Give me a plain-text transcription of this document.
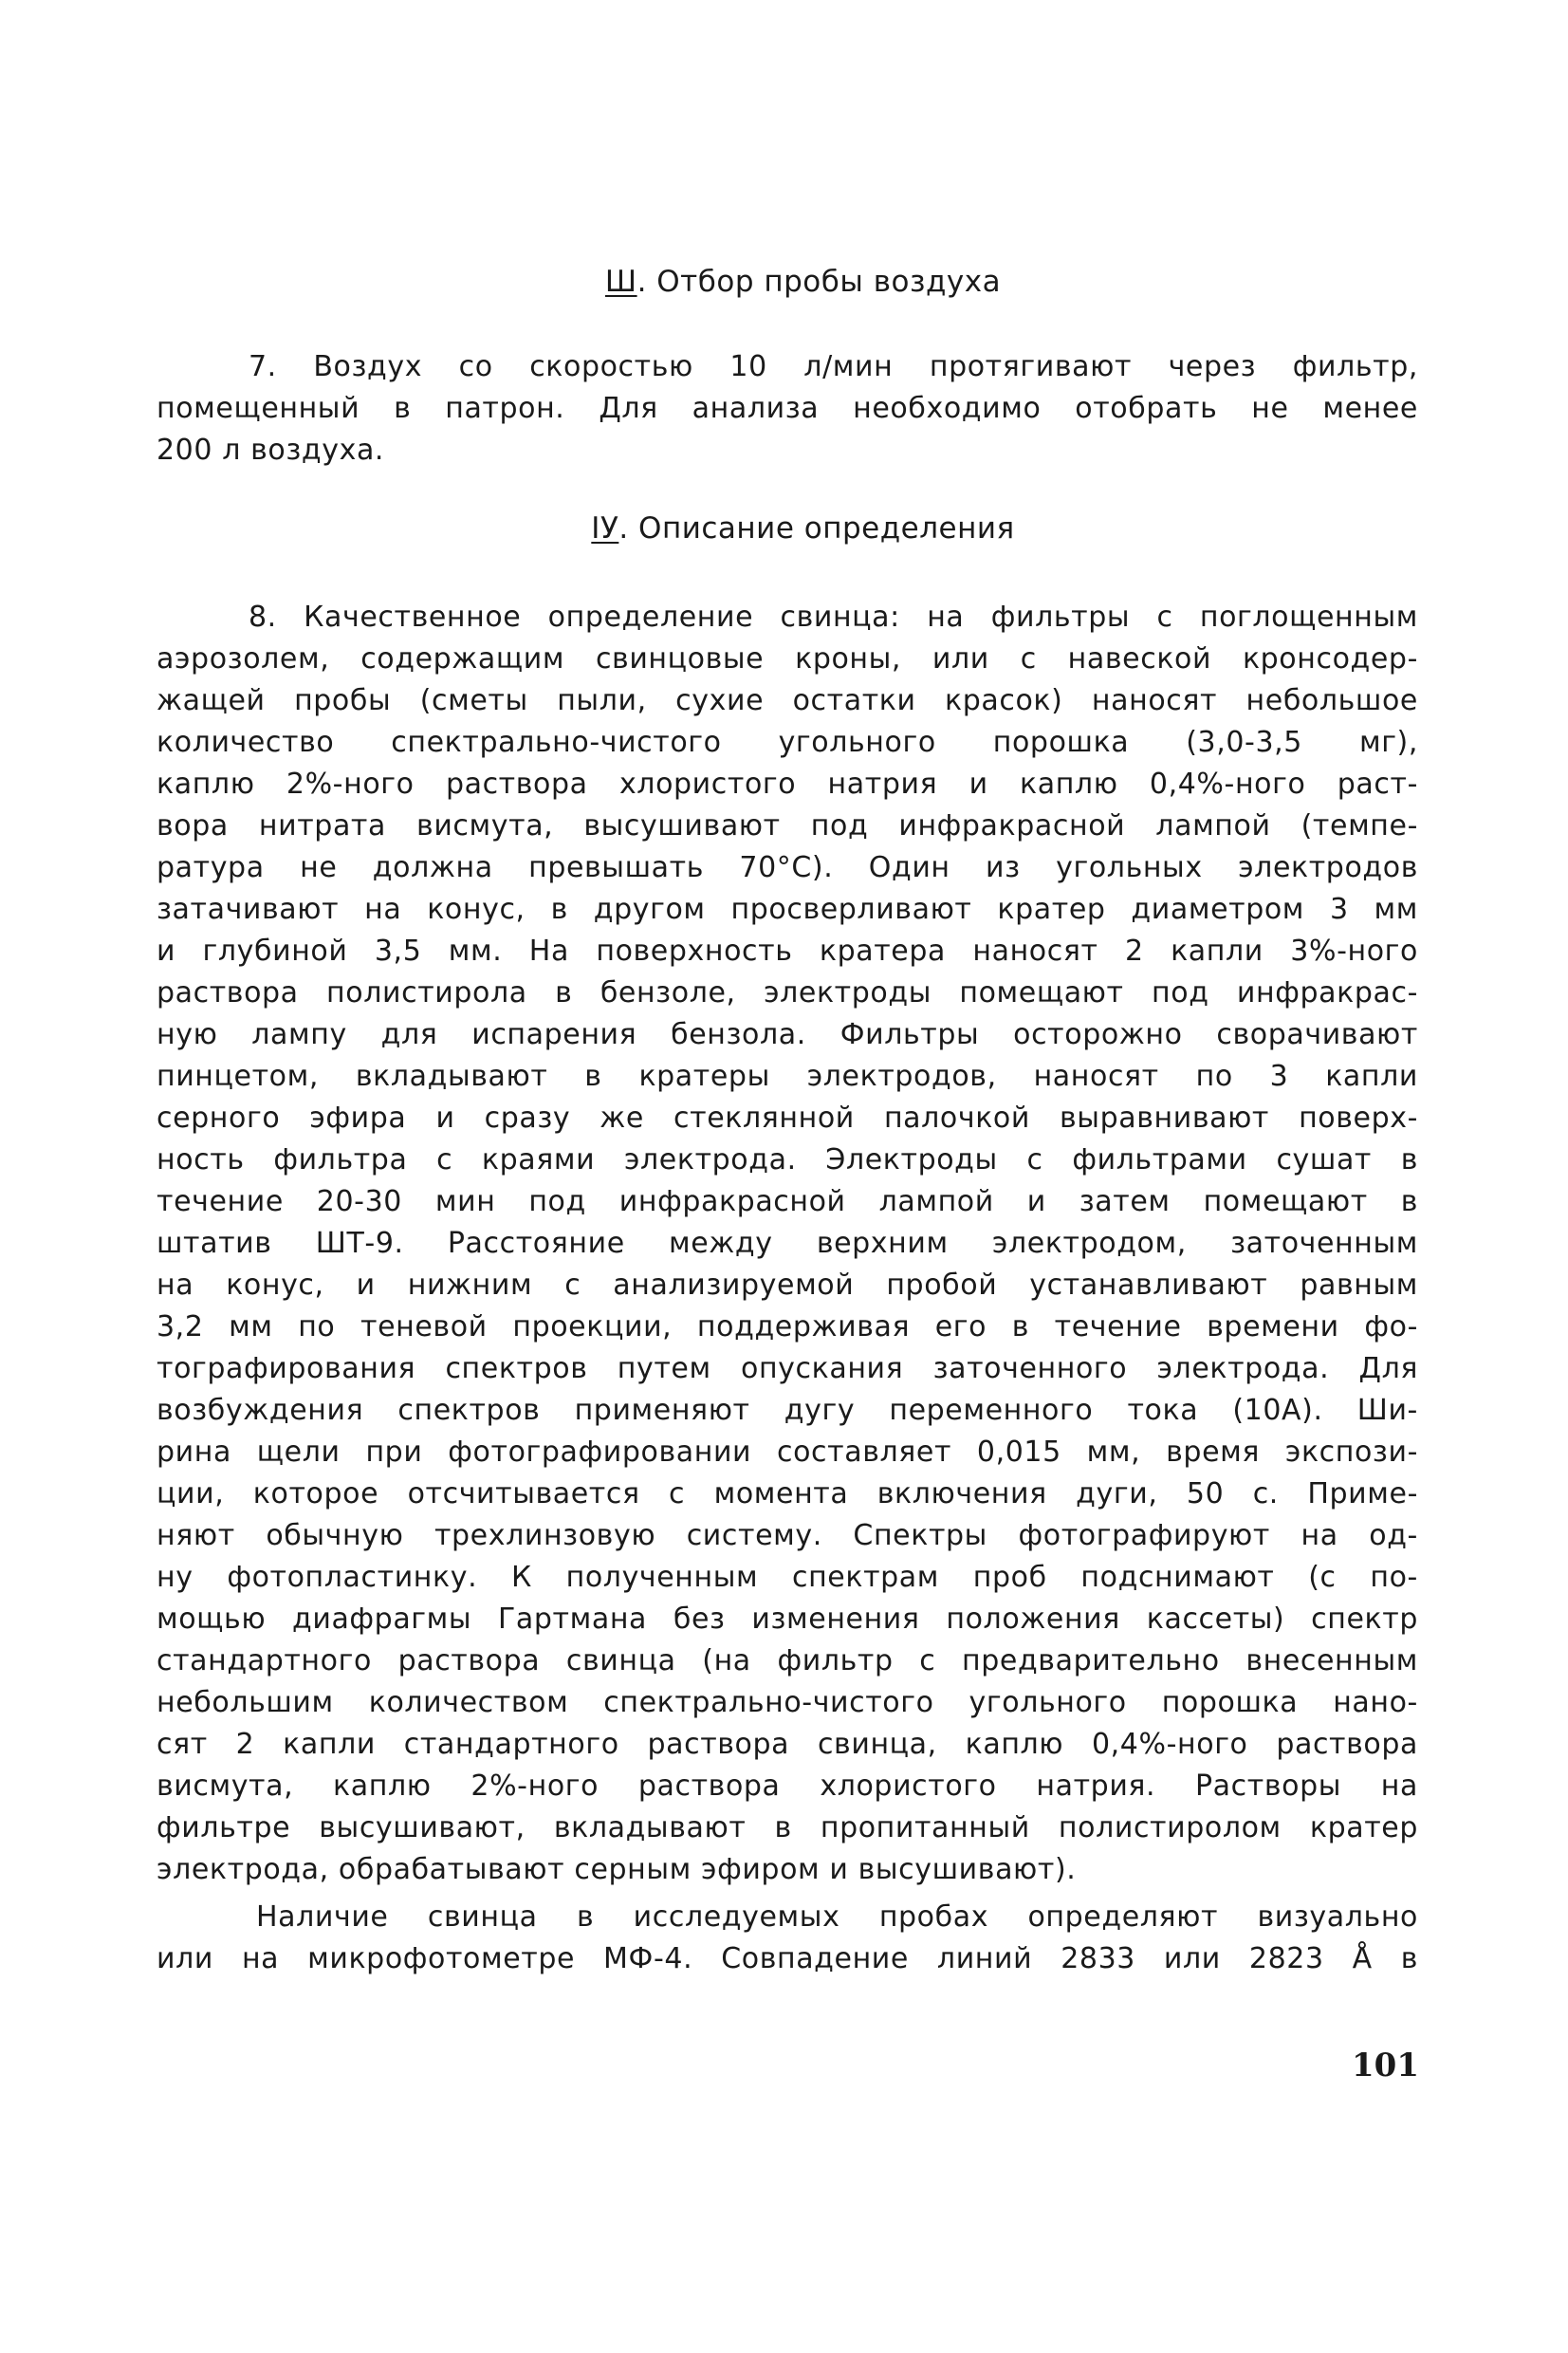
Ш. Отбор пробы воздуха
7. Воздух со скоростью 10 л/мин протягивают через фильтр,
помещенный в патрон. Для анализа необходимо отобрать не менее
200 л воздуха.
IУ. Описание определения
8. Качественное определение свинца: на фильтры с поглощенным
аэрозолем, содержащим свинцовые кроны, или с навеской кронсодер-
жащей пробы (сметы пыли, сухие остатки красок) наносят небольшое
количество спектрально-чистого угольного порошка (3,0-3,5 мг),
каплю 2%-ного раствора хлористого натрия и каплю 0,4%-ного раст-
вора нитрата висмута, высушивают под инфракрасной лампой (темпе-
ратура не должна превышать 70°С). Один из угольных электродов
затачивают на конус, в другом просверливают кратер диаметром 3 мм
и глубиной 3,5 мм. На поверхность кратера наносят 2 капли 3%-ного
раствора полистирола в бензоле, электроды помещают под инфракрас-
ную лампу для испарения бензола. Фильтры осторожно сворачивают
пинцетом, вкладывают в кратеры электродов, наносят по 3 капли
серного эфира и сразу же стеклянной палочкой выравнивают поверх-
ность фильтра с краями электрода. Электроды с фильтрами сушат в
течение 20-30 мин под инфракрасной лампой и затем помещают в
штатив ШТ-9. Расстояние между верхним электродом, заточенным
на конус, и нижним с анализируемой пробой устанавливают равным
3,2 мм по теневой проекции, поддерживая его в течение времени фо-
тографирования спектров путем опускания заточенного электрода. Для
возбуждения спектров применяют дугу переменного тока (10А). Ши-
рина щели при фотографировании составляет 0,015 мм, время экспози-
ции, которое отсчитывается с момента включения дуги, 50 с. Приме-
няют обычную трехлинзовую систему. Спектры фотографируют на од-
ну фотопластинку. К полученным спектрам проб подснимают (с по-
мощью диафрагмы Гартмана без изменения положения кассеты) спектр
стандартного раствора свинца (на фильтр с предварительно внесенным
небольшим количеством спектрально-чистого угольного порошка нано-
сят 2 капли стандартного раствора свинца, каплю 0,4%-ного раствора
висмута, каплю 2%-ного раствора хлористого натрия. Растворы на
фильтре высушивают, вкладывают в пропитанный полистиролом кратер
электрода, обрабатывают серным эфиром и высушивают).
Наличие свинца в исследуемых пробах определяют визуально
или на микрофотометре МФ-4. Совпадение линий 2833 или 2823 Å в
101
